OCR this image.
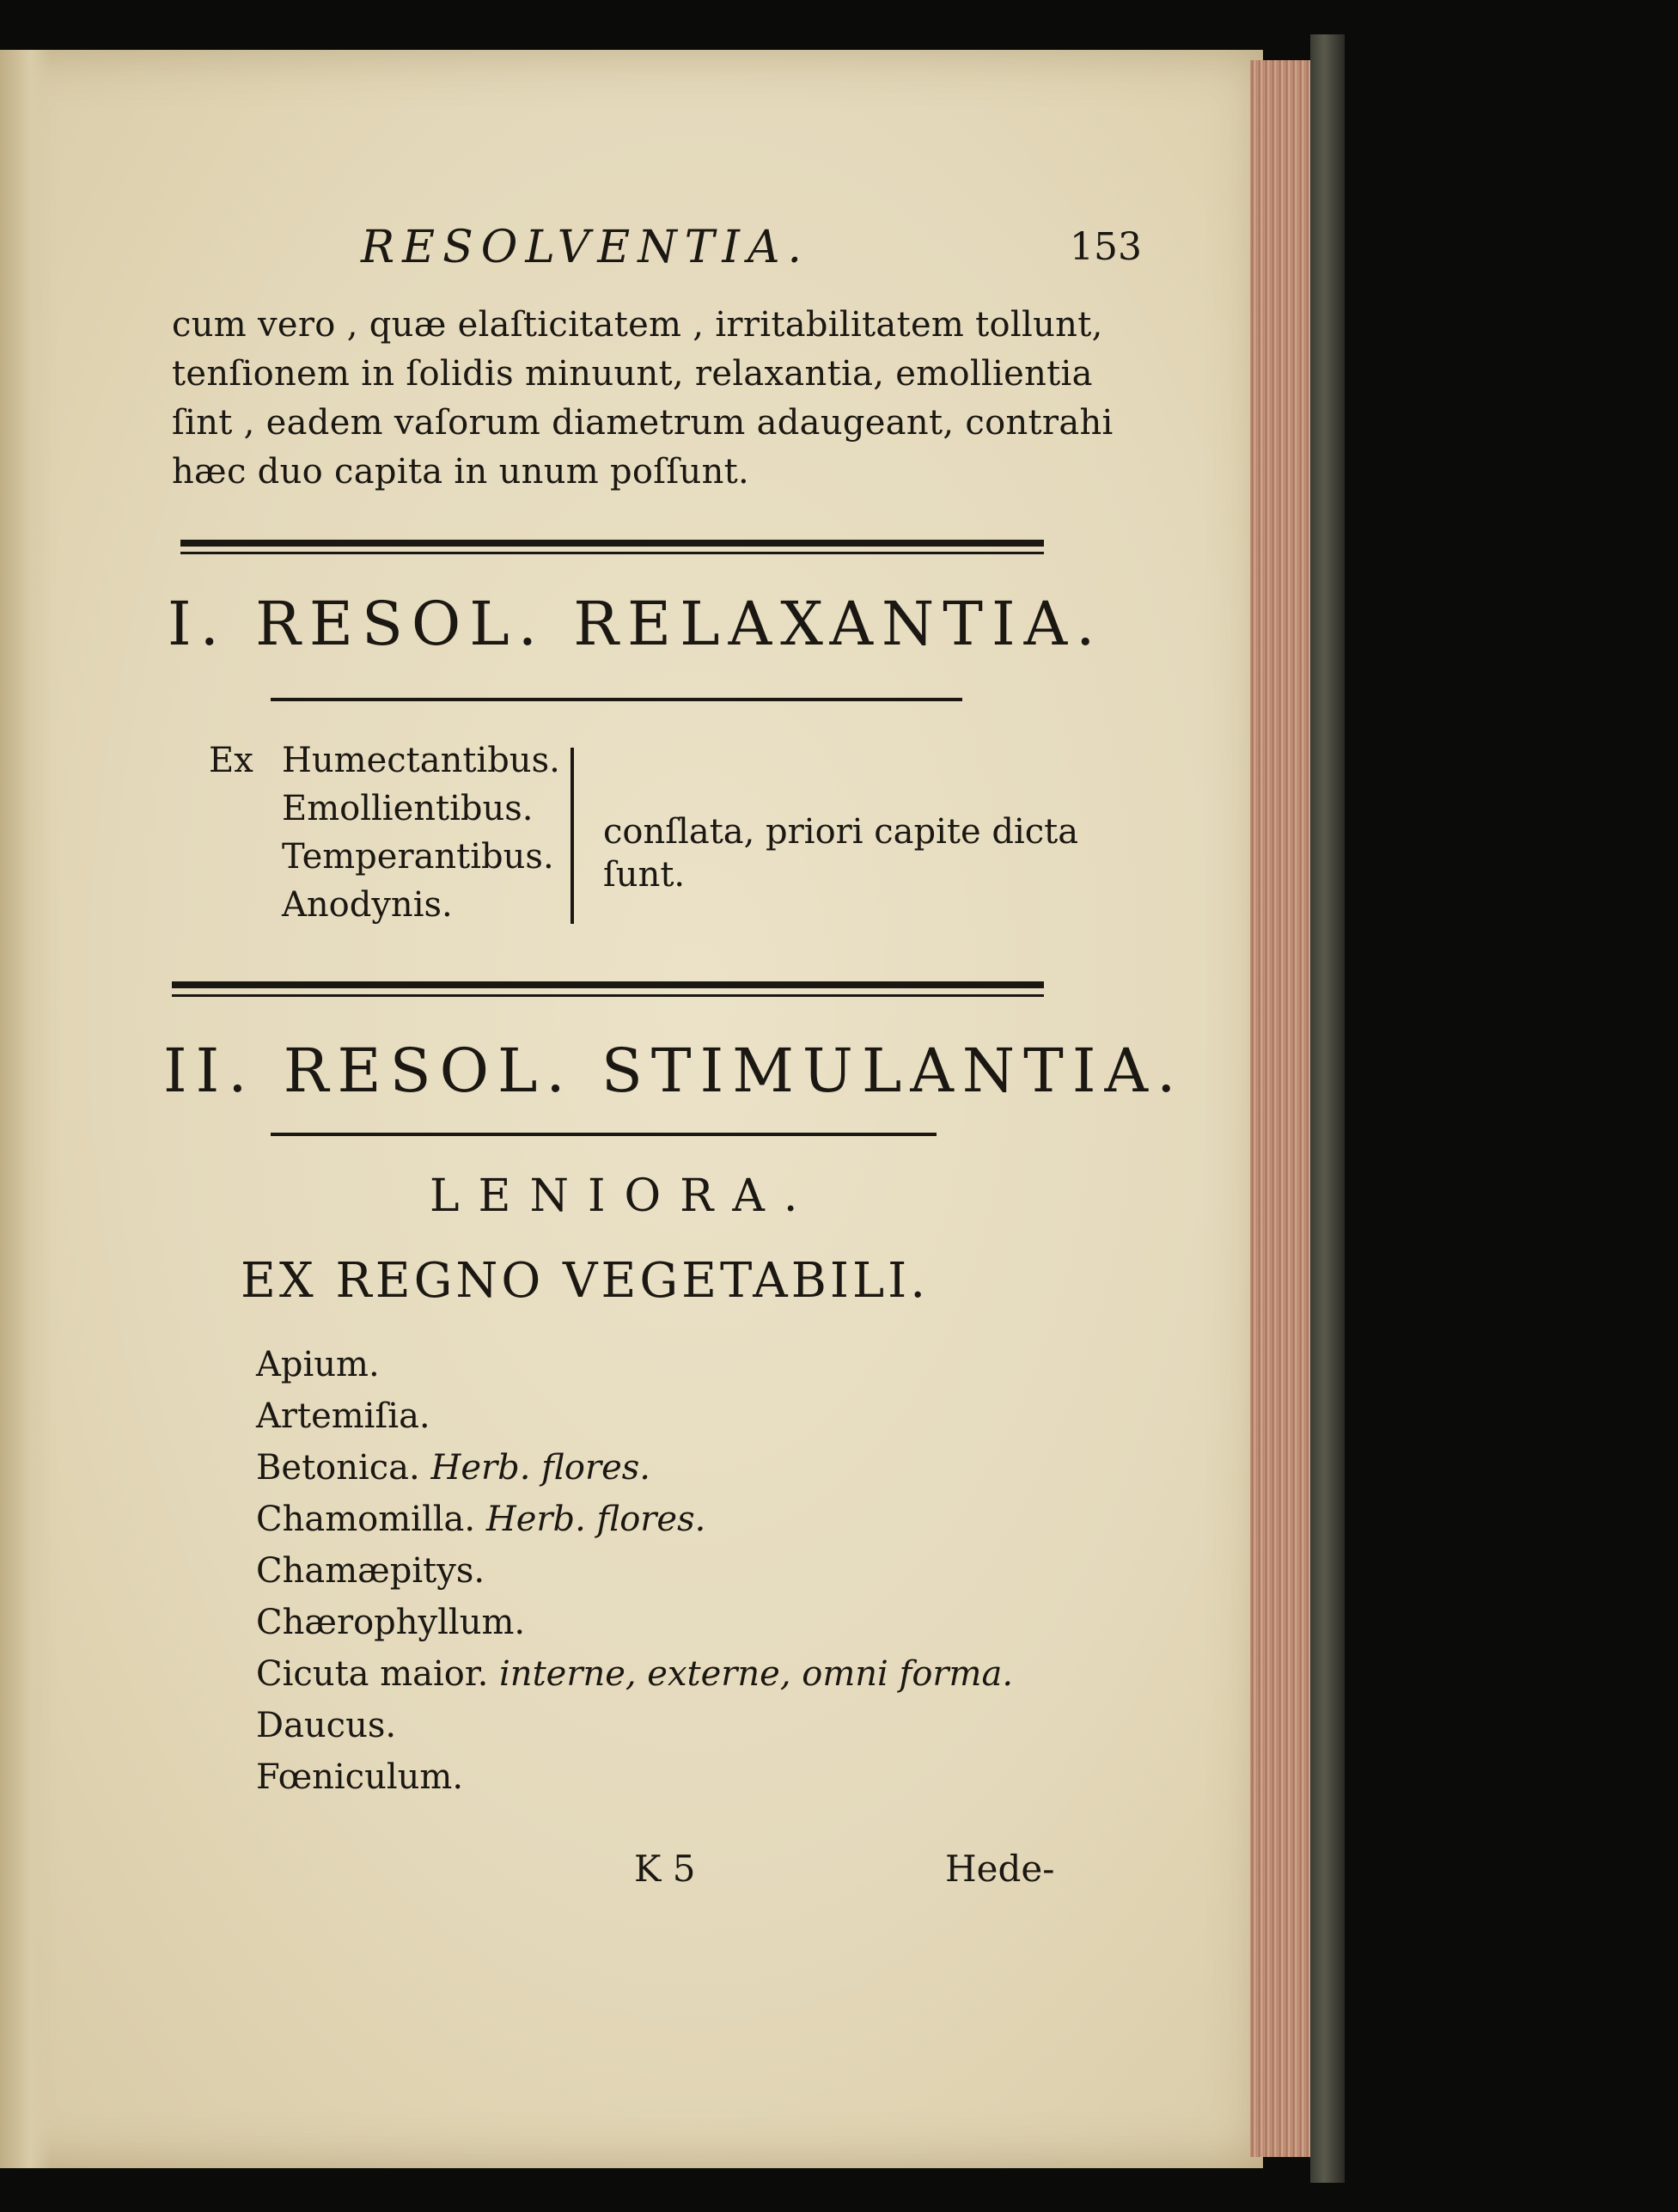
RESOLVENTIA.	153
cum vero , quæ elaſticitatem , irritabilitatem tollunt,
tenſionem in ſolidis minuunt, relaxantia, emollientia
ſint , eadem vaſorum diametrum adaugeant, contrahi
hæc duo capita in unum poſſunt.
I. RESOL. RELAXANTIA.
Ex Humectantibus.
Emollientibus.
Temperantibus.
Anodynis.
conſlata, priori capite dicta
ſunt.
II. RESOL. STIMULANTIA.
LENIORA.
EX REGNO VEGETABILI.
Apium.
Artemiſia.
Betonica. Herb. flores.
Chamomilla. Herb. flores.
Chamæpitys.
Chærophyllum.
Cicuta maior. interne, externe, omni forma.
Daucus.
Fœniculum.
K 5	Hede-
